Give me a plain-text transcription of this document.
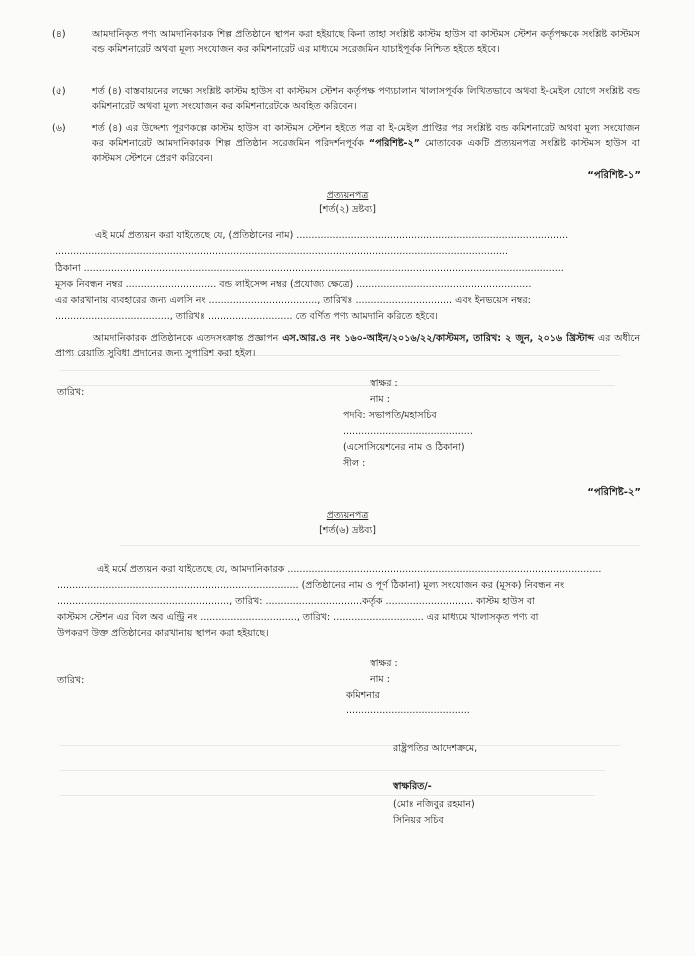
(৪)	আমদানিকৃত পণ্য আমদানিকারক শিল্প প্রতিষ্ঠানে স্থাপন করা হইয়াছে কিনা তাহা সংশ্লিষ্ট কাস্টম হাউস বা কাস্টমস স্টেশন কর্তৃপক্ষকে সংশ্লিষ্ট কাস্টমস বন্ড কমিশনারেট অথবা মূল্য সংযোজন কর কমিশনারেট এর মাধ্যমে সরেজমিন যাচাইপূর্বক নিশ্চিত হইতে হইবে।
(৫)	শর্ত (৪) বাস্তবায়নের লক্ষ্যে সংশ্লিষ্ট কাস্টম হাউস বা কাস্টমস স্টেশন কর্তৃপক্ষ পণ্যচালান খালাসপূর্বক লিখিতভাবে অথবা ই-মেইল যোগে সংশ্লিষ্ট বন্ড কমিশনারেট অথবা মূল্য সংযোজন কর কমিশনারেটকে অবহিত করিবেন।
(৬)	শর্ত (৪) এর উদ্দেশ্য পূরণকল্পে কাস্টম হাউস বা কাস্টমস স্টেশন হইতে পত্র বা ই-মেইল প্রাপ্তির পর সংশ্লিষ্ট বন্ড কমিশনারেট অথবা মূল্য সংযোজন কর কমিশনারেট আমদানিকারক শিল্প প্রতিষ্ঠান সরেজমিন পরিদর্শনপূর্বক “পরিশিষ্ট-২” মোতাবেক একটি প্রত্যয়নপত্র সংশ্লিষ্ট কাস্টমস হাউস বা কাস্টমস স্টেশনে প্রেরণ করিবেন।
“পরিশিষ্ট-১”
প্রত্যয়নপত্র
[শর্ত(২) দ্রষ্টব্য]
এই মর্মে প্রত্যয়ন করা যাইতেছে যে, (প্রতিষ্ঠানের নাম) ..........................................................................................
......................................................................................................................................................
ঠিকানা ...............................................................................................................................................................
মূসক নিবন্ধন নম্বর .............................. বন্ড লাইসেন্স নম্বর (প্রযোজ্য ক্ষেত্রে) ..........................................................
এর কারখানায় ব্যবহারের জন্য এলসি নং ...................................., তারিখঃ ................................ এবং ইনভয়েস নম্বর:
......................................, তারিখঃ ............................ তে বর্ণিত পণ্য আমদানি করিতে হইবে।
আমদানিকারক প্রতিষ্ঠানকে এতদসংক্রান্ত প্রজ্ঞাপন এস.আর.ও নং ১৬০-আইন/২০১৬/২২/কাস্টমস, তারিখ: ২ জুন, ২০১৬ খ্রিস্টাব্দ এর অধীনে প্রাপ্য রেয়াতি সুবিধা প্রদানের জন্য সুপারিশ করা হইল।
স্বাক্ষর :
নাম :
তারিখ:
পদবি: সভাপতি/মহাসচিব
...........................................
(এসোসিয়েশনের নাম ও ঠিকানা)
সীল :
“পরিশিষ্ট-২”
প্রত্যয়নপত্র
[শর্ত(৬) দ্রষ্টব্য]
এই মর্মে প্রত্যয়ন করা যাইতেছে যে, আমদানিকারক ........................................................................................................
................................................................................ (প্রতিষ্ঠানের নাম ও পূর্ণ ঠিকানা) মূল্য সংযোজন কর (মূসক) নিবন্ধন নং
........................................................., তারিখ: ................................কর্তৃক ............................. কাস্টম হাউস বা
কাস্টমস স্টেশন এর বিল অব এন্ট্রি নং ................................, তারিখ: .............................. এর মাধ্যমে খালাসকৃত পণ্য বা
উপকরণ উক্ত প্রতিষ্ঠানের কারখানায় স্থাপন করা হইয়াছে।
স্বাক্ষর :
নাম :
তারিখ:
কমিশনার
.........................................
রাষ্ট্রপতির আদেশক্রমে,
স্বাক্ষরিত/-
(মোঃ নজিবুর রহমান)
সিনিয়র সচিব
